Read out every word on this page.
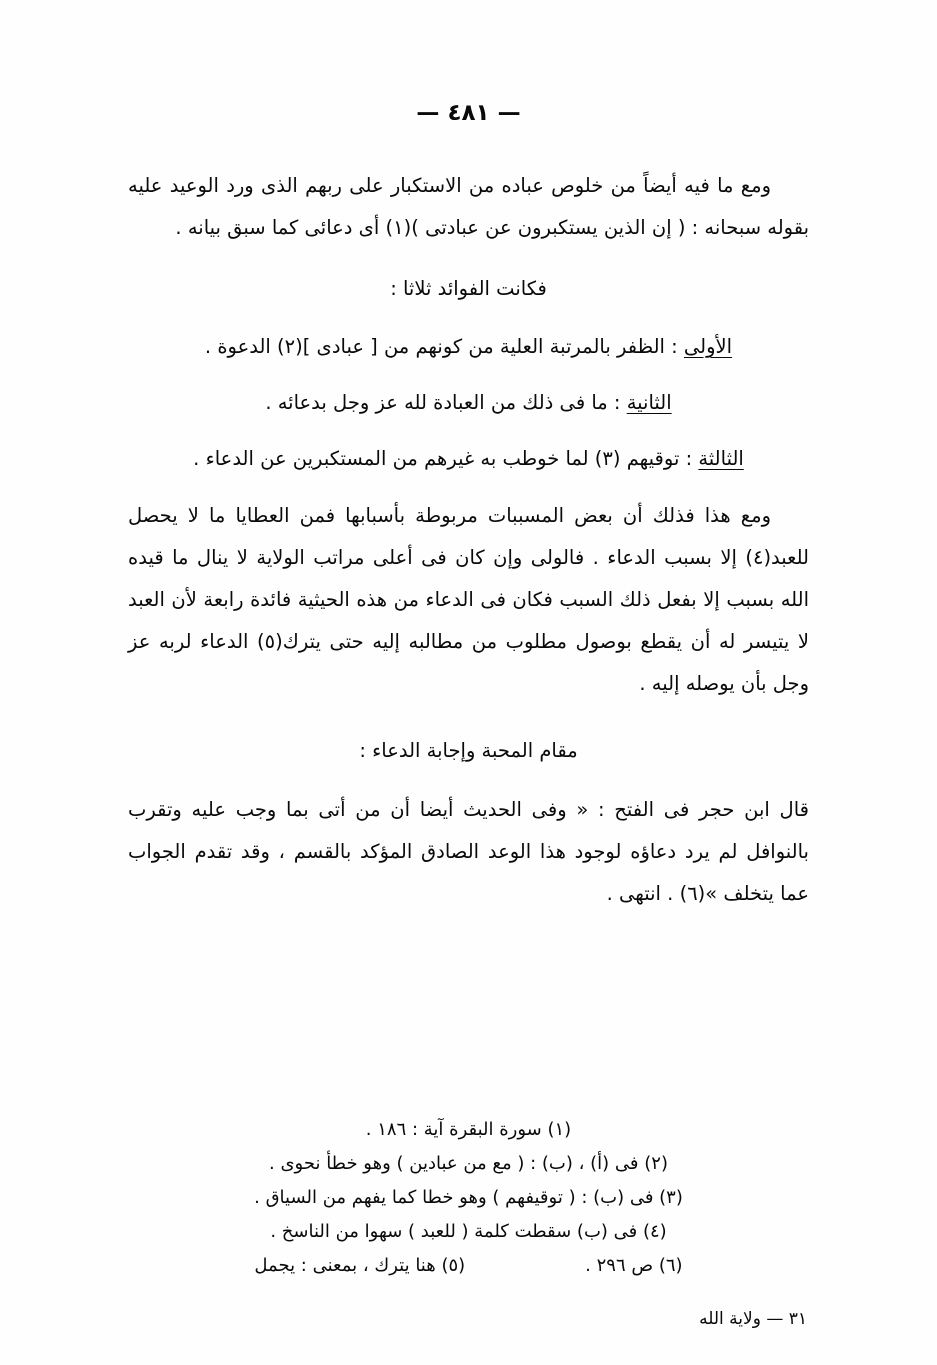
— ٤٨١ —

ومع ما فيه أيضاً من خلوص عباده من الاستكبار على ربهم الذى ورد الوعيد عليه بقوله سبحانه : ( إن الذين يستكبرون عن عبادتى )(١) أى دعائى كما سبق بيانه .

فكانت الفوائد ثلاثا :

الأولى : الظفر بالمرتبة العلية من كونهم من [ عبادى ](٢) الدعوة .

الثانية : ما فى ذلك من العبادة لله عز وجل بدعائه .

الثالثة : توقيهم (٣) لما خوطب به غيرهم من المستكبرين عن الدعاء .

ومع هذا فذلك أن بعض المسببات مربوطة بأسبابها فمن العطايا ما لا يحصل للعبد(٤) إلا بسبب الدعاء . فالولى وإن كان فى أعلى مراتب الولاية لا ينال ما قيده الله بسبب إلا بفعل ذلك السبب فكان فى الدعاء من هذه الحيثية فائدة رابعة لأن العبد لا يتيسر له أن يقطع بوصول مطلوب من مطالبه إليه حتى يترك(٥) الدعاء لربه عز وجل بأن يوصله إليه .

مقام المحبة وإجابة الدعاء :

قال ابن حجر فى الفتح : « وفى الحديث أيضا أن من أتى بما وجب عليه وتقرب بالنوافل لم يرد دعاؤه لوجود هذا الوعد الصادق المؤكد بالقسم ، وقد تقدم الجواب عما يتخلف »(٦) . انتهى .

(١) سورة البقرة آية : ١٨٦ .

(٢) فى (أ) ، (ب) : ( مع من عبادين ) وهو خطأ نحوى .

(٣) فى (ب) : ( توقيفهم ) وهو خطا كما يفهم من السياق .

(٤) فى (ب) سقطت كلمة ( للعبد ) سهوا من الناسخ .

(٦) ص ٢٩٦ .
(٥) هنا يترك ، بمعنى : يجمل

٣١ — ولاية الله
